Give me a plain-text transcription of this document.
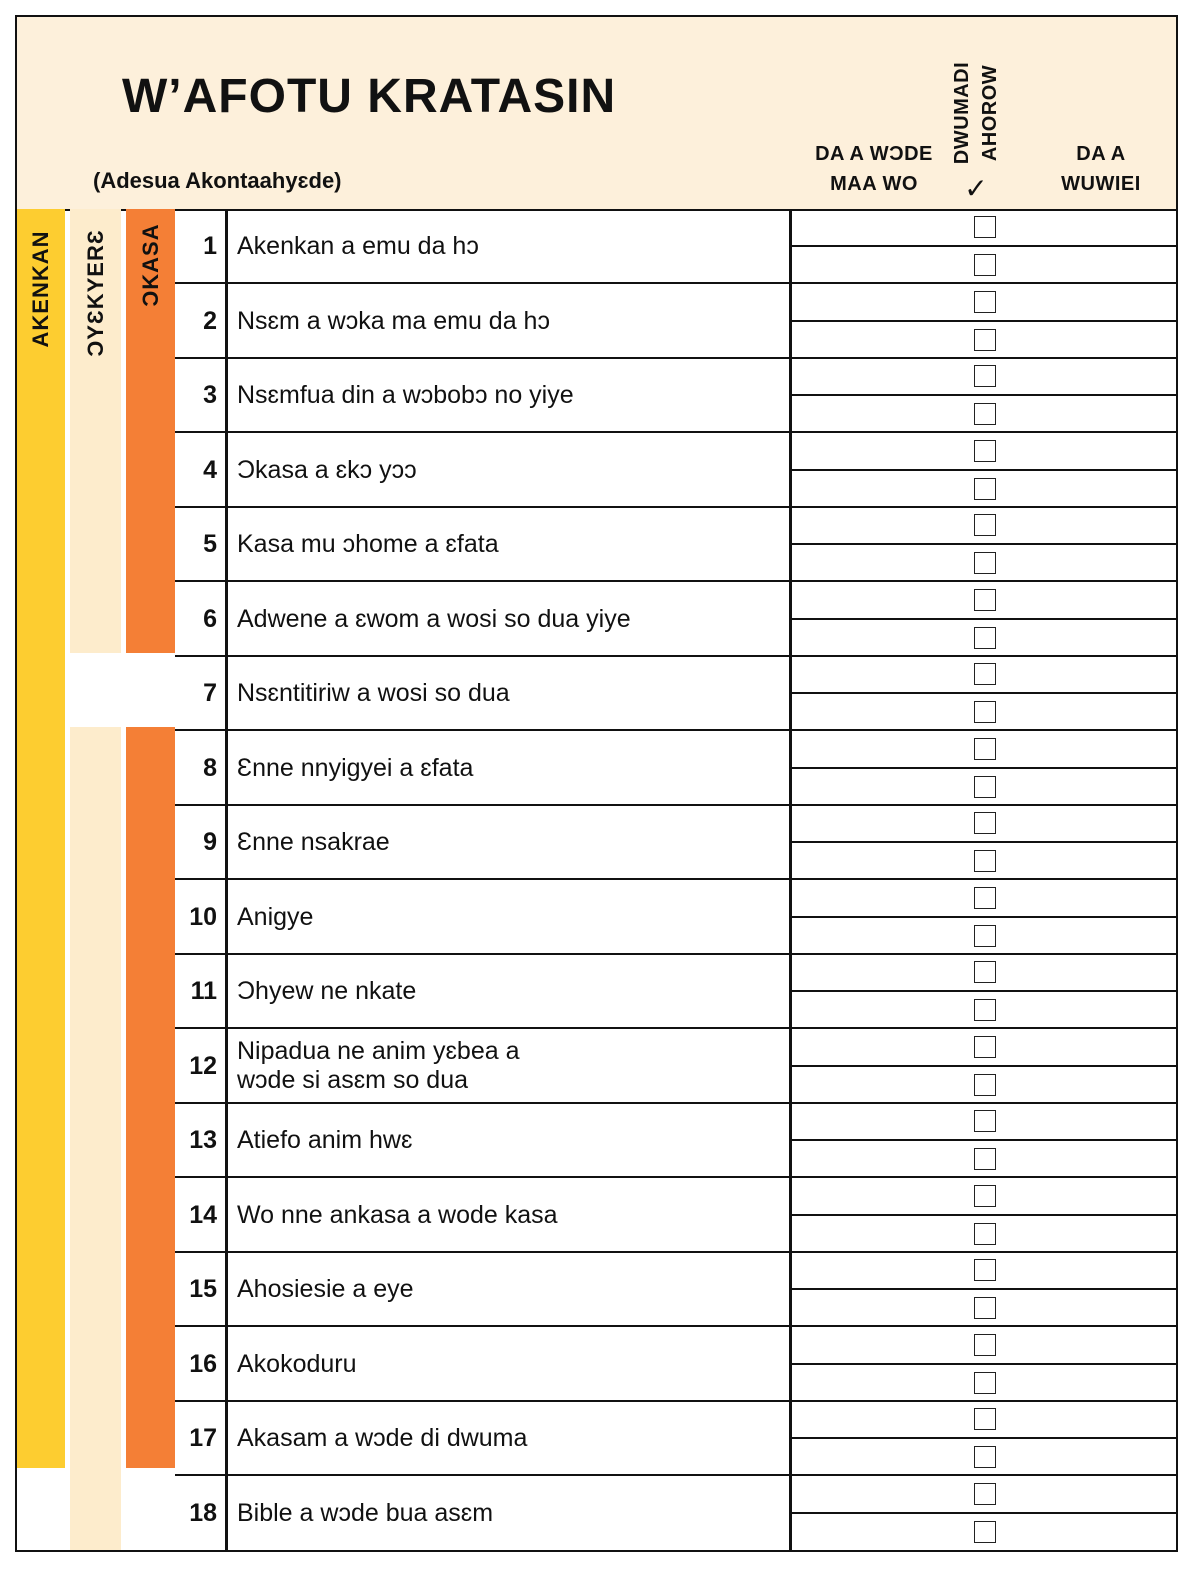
W’AFOTU KRATASIN
(Adesua Akontaahyɛde)
DA A WƆDE
MAA WO
DWUMADI AHOROW
✓
DA A
WUWIEI
AKENKAN ƆYƐKYERƐ ƆKASA	1 Akenkan a emu da hɔ
2 Nsɛm a wɔka ma emu da hɔ
3 Nsɛmfua din a wɔbobɔ no yiye
4 Ɔkasa a ɛkɔ yɔɔ
5 Kasa mu ɔhome a ɛfata
6 Adwene a ɛwom a wosi so dua yiye
7 Nsɛntitiriw a wosi so dua
8 Ɛnne nnyigyei a ɛfata
9 Ɛnne nsakrae
10 Anigye
11 Ɔhyew ne nkate
12
Nipadua ne anim yɛbea a
wɔde si asɛm so dua
13 Atiefo anim hwɛ
14 Wo nne ankasa a wode kasa
15 Ahosiesie a eye
16 Akokoduru
17 Akasam a wɔde di dwuma
18 Bible a wɔde bua asɛm
